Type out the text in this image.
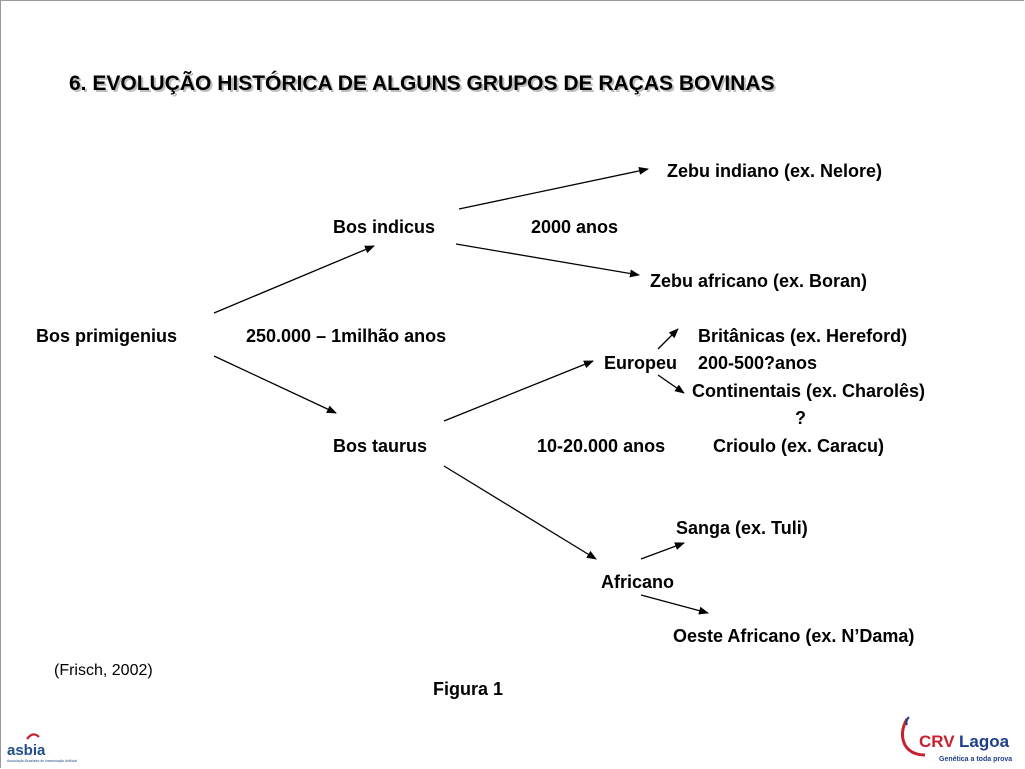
6. EVOLUÇÃO HISTÓRICA DE ALGUNS GRUPOS DE RAÇAS BOVINAS
Zebu indiano (ex. Nelore)
Bos indicus	2000 anos
Zebu africano (ex. Boran)
Bos primigenius	250.000 – 1milhão anos	Britânicas (ex. Hereford)
Europeu 200-500?anos
Continentais (ex. Charolês)
?
Bos taurus	10-20.000 anos	Crioulo (ex. Caracu)
Sanga (ex. Tuli)
Africano
Oeste Africano (ex. N’Dama)
(Frisch, 2002)
Figura 1
asbia
Associação Brasileira de Inseminação Artificial
CRV Lagoa
Genética a toda prova
